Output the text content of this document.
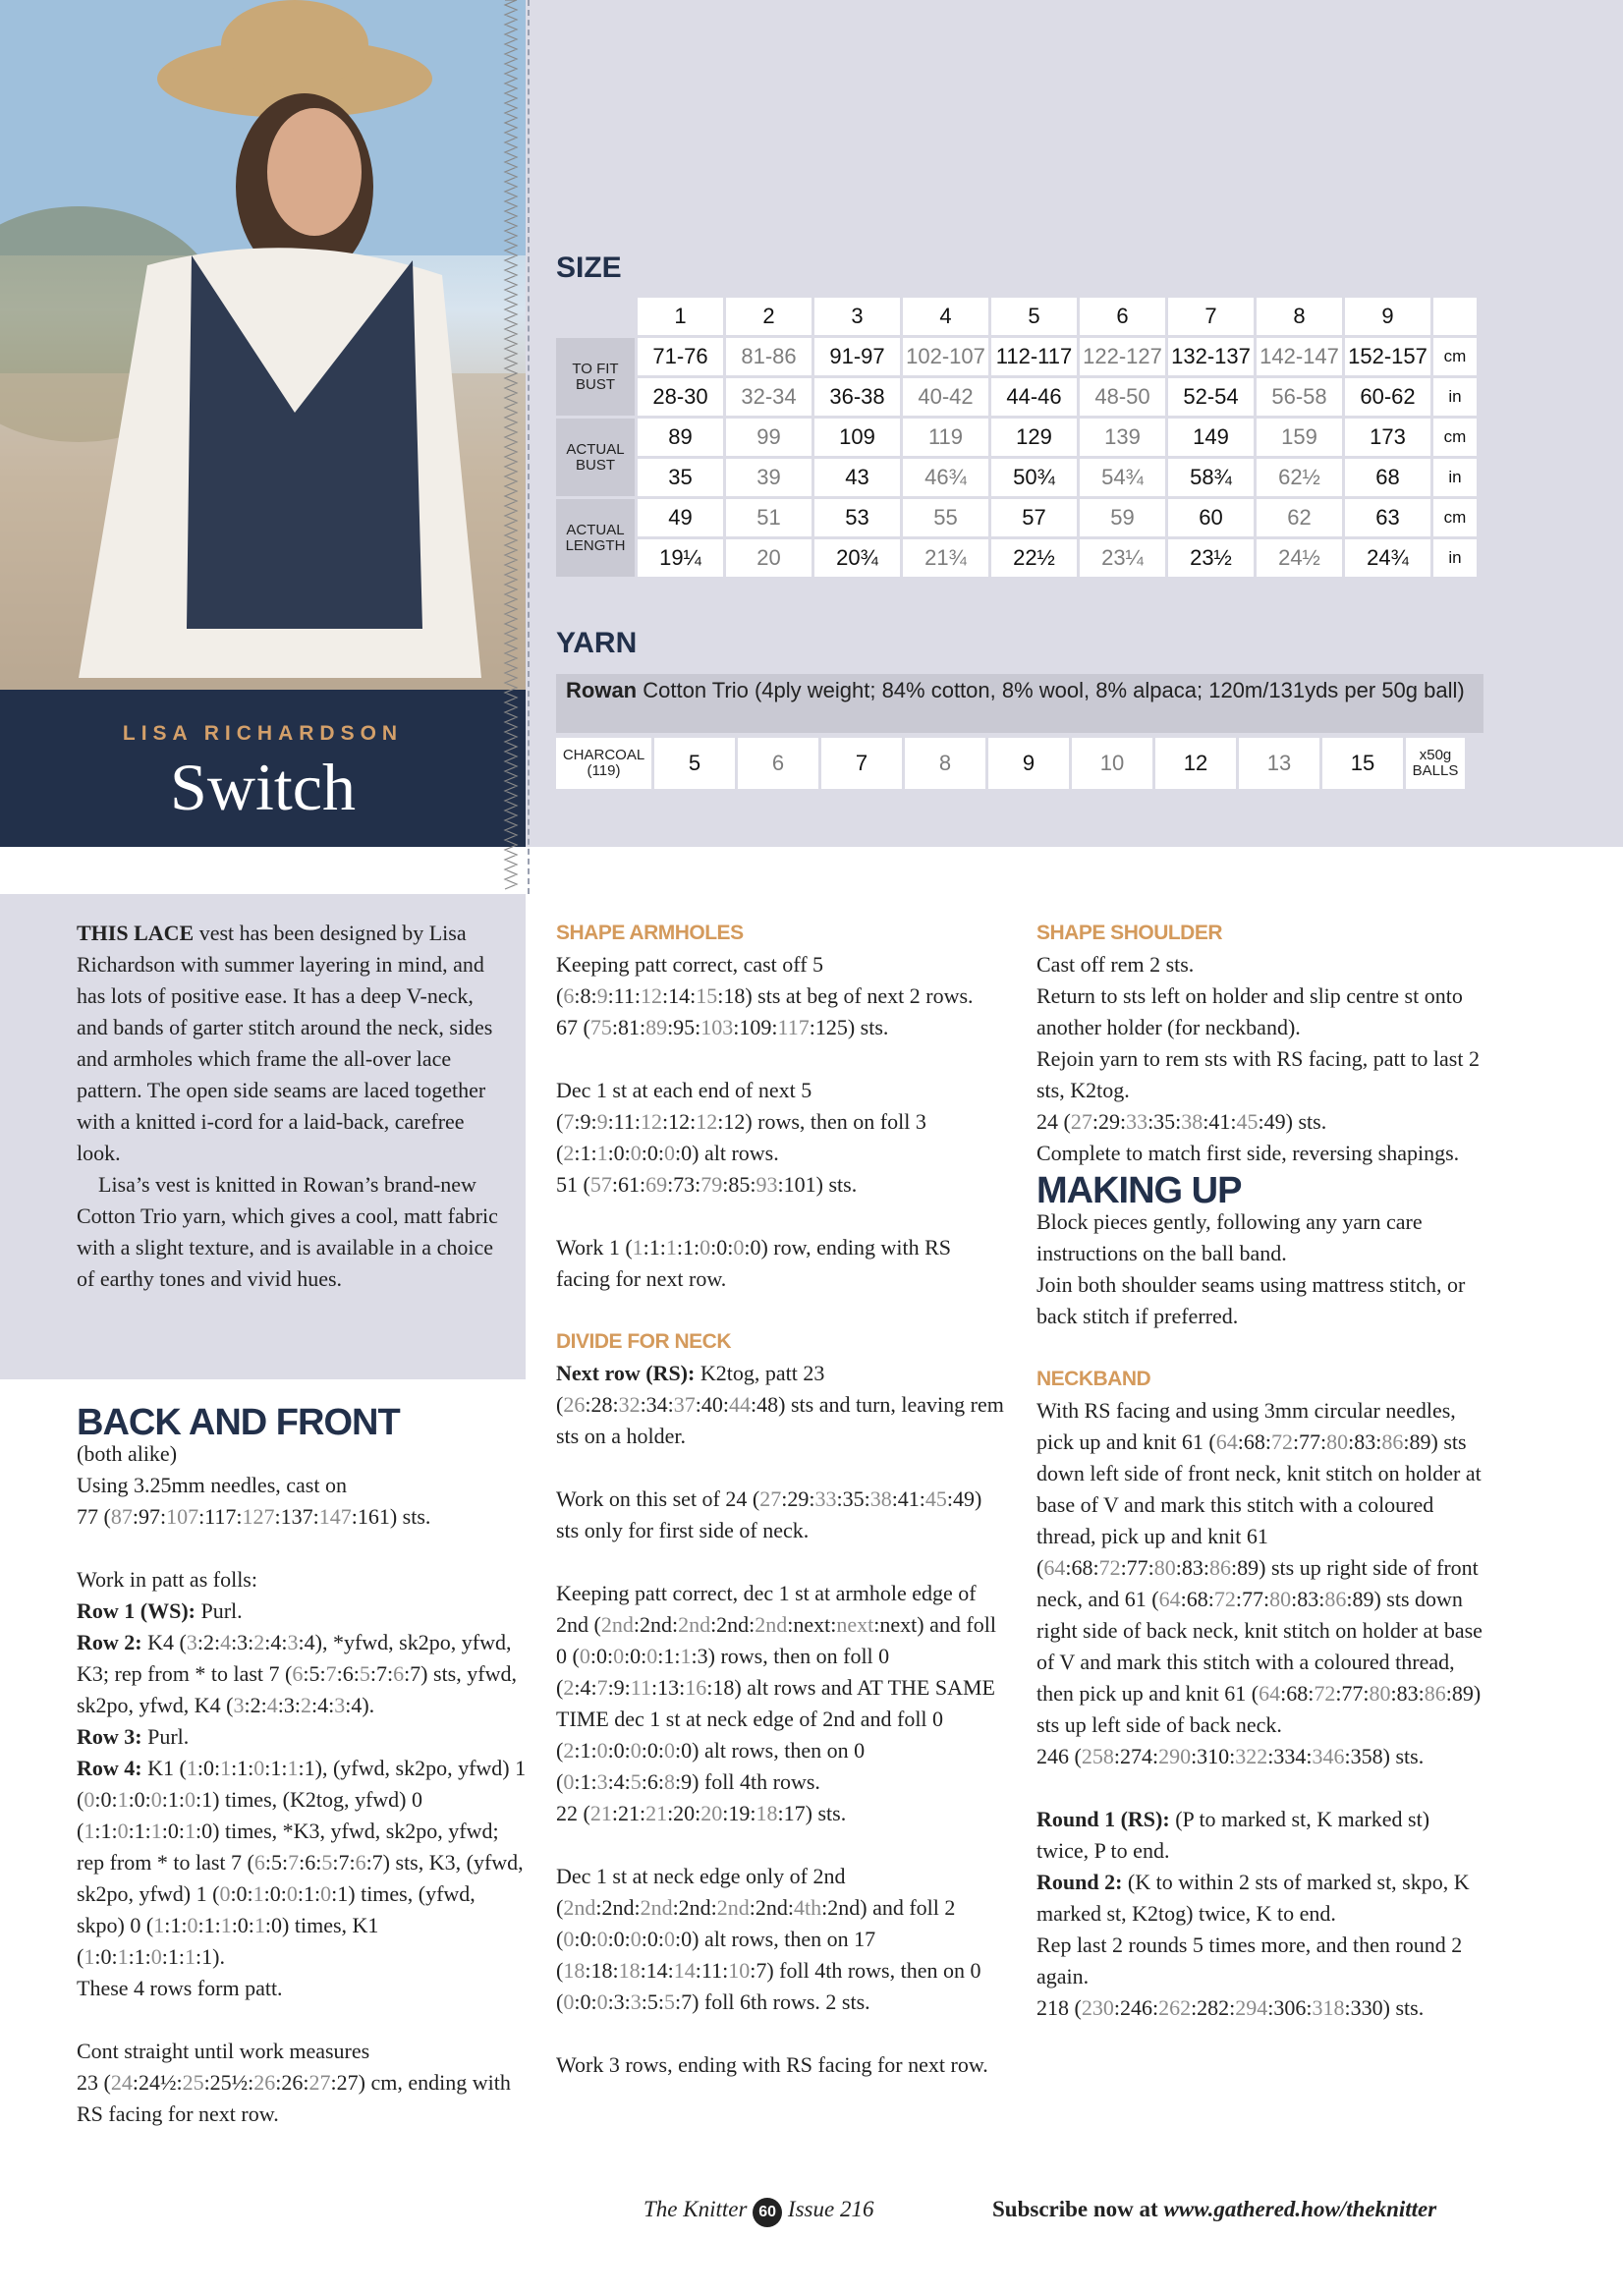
LISA RICHARDSON
Switch
SIZE
	1	2	3	4	5	6	7	8	9	
TO FIT BUST	71-76	81-86	91-97	102-107	112-117	122-127	132-137	142-147	152-157	cm
	28-30	32-34	36-38	40-42	44-46	48-50	52-54	56-58	60-62	in
ACTUAL BUST	89	99	109	119	129	139	149	159	173	cm
	35	39	43	46¾	50¾	54¾	58¾	62½	68	in
ACTUAL LENGTH	49	51	53	55	57	59	60	62	63	cm
	19¼	20	20¾	21¾	22½	23¼	23½	24½	24¾	in
YARN
Rowan Cotton Trio (4ply weight; 84% cotton, 8% wool, 8% alpaca; 120m/131yds per 50g ball)
CHARCOAL (119)	5	6	7	8	9	10	12	13	15	x50g BALLS

THIS LACE vest has been designed by Lisa Richardson with summer layering in mind, and has lots of positive ease. It has a deep V-neck, and bands of garter stitch around the neck, sides and armholes which frame the all-over lace pattern. The open side seams are laced together with a knitted i-cord for a laid-back, carefree look.

Lisa’s vest is knitted in Rowan’s brand-new Cotton Trio yarn, which gives a cool, matt fabric with a slight texture, and is available in a choice of earthy tones and vivid hues.

BACK AND FRONT

(both alike)
Using 3.25mm needles, cast on
77 (87:97:107:117:127:137:147:161) sts.

Work in patt as folls:
Row 1 (WS): Purl.
Row 2: K4 (3:2:4:3:2:4:3:4), *yfwd, sk2po, yfwd, K3; rep from * to last 7 (6:5:7:6:5:7:6:7) sts, yfwd, sk2po, yfwd, K4 (3:2:4:3:2:4:3:4).
Row 3: Purl.
Row 4: K1 (1:0:1:1:0:1:1:1), (yfwd, sk2po, yfwd) 1 (0:0:1:0:0:1:0:1) times, (K2tog, yfwd) 0 (1:1:0:1:1:0:1:0) times, *K3, yfwd, sk2po, yfwd; rep from * to last 7 (6:5:7:6:5:7:6:7) sts, K3, (yfwd, sk2po, yfwd) 1 (0:0:1:0:0:1:0:1) times, (yfwd, skpo) 0 (1:1:0:1:1:0:1:0) times, K1 (1:0:1:1:0:1:1:1).
These 4 rows form patt.

Cont straight until work measures
23 (24:24½:25:25½:26:26:27:27) cm, ending with RS facing for next row.

SHAPE ARMHOLES

Keeping patt correct, cast off 5 (6:8:9:11:12:14:15:18) sts at beg of next 2 rows.
67 (75:81:89:95:103:109:117:125) sts.

Dec 1 st at each end of next 5 (7:9:9:11:12:12:12:12) rows, then on foll 3 (2:1:1:0:0:0:0:0) alt rows.
51 (57:61:69:73:79:85:93:101) sts.

Work 1 (1:1:1:1:0:0:0:0) row, ending with RS facing for next row.

DIVIDE FOR NECK

Next row (RS): K2tog, patt 23 (26:28:32:34:37:40:44:48) sts and turn, leaving rem sts on a holder.

Work on this set of 24 (27:29:33:35:38:41:45:49) sts only for first side of neck.

Keeping patt correct, dec 1 st at armhole edge of 2nd (2nd:2nd:2nd:2nd:2nd:next:next:next) and foll 0 (0:0:0:0:0:1:1:3) rows, then on foll 0 (2:4:7:9:11:13:16:18) alt rows and AT THE SAME TIME dec 1 st at neck edge of 2nd and foll 0 (2:1:0:0:0:0:0:0) alt rows, then on 0 (0:1:3:4:5:6:8:9) foll 4th rows.
22 (21:21:21:20:20:19:18:17) sts.

Dec 1 st at neck edge only of 2nd (2nd:2nd:2nd:2nd:2nd:2nd:4th:2nd) and foll 2 (0:0:0:0:0:0:0:0) alt rows, then on 17 (18:18:18:14:14:11:10:7) foll 4th rows, then on 0 (0:0:0:3:3:5:5:7) foll 6th rows. 2 sts.

Work 3 rows, ending with RS facing for next row.

SHAPE SHOULDER

Cast off rem 2 sts.
Return to sts left on holder and slip centre st onto another holder (for neckband).
Rejoin yarn to rem sts with RS facing, patt to last 2 sts, K2tog.
24 (27:29:33:35:38:41:45:49) sts.
Complete to match first side, reversing shapings.

MAKING UP

Block pieces gently, following any yarn care instructions on the ball band.
Join both shoulder seams using mattress stitch, or back stitch if preferred.

NECKBAND

With RS facing and using 3mm circular needles, pick up and knit 61 (64:68:72:77:80:83:86:89) sts down left side of front neck, knit stitch on holder at base of V and mark this stitch with a coloured thread, pick up and knit 61 (64:68:72:77:80:83:86:89) sts up right side of front neck, and 61 (64:68:72:77:80:83:86:89) sts down right side of back neck, knit stitch on holder at base of V and mark this stitch with a coloured thread, then pick up and knit 61 (64:68:72:77:80:83:86:89) sts up left side of back neck.
246 (258:274:290:310:322:334:346:358) sts.

Round 1 (RS): (P to marked st, K marked st) twice, P to end.
Round 2: (K to within 2 sts of marked st, skpo, K marked st, K2tog) twice, K to end.
Rep last 2 rounds 5 times more, and then round 2 again.
218 (230:246:262:282:294:306:318:330) sts.

The Knitter 60 Issue 216	Subscribe now at www.gathered.how/theknitter
